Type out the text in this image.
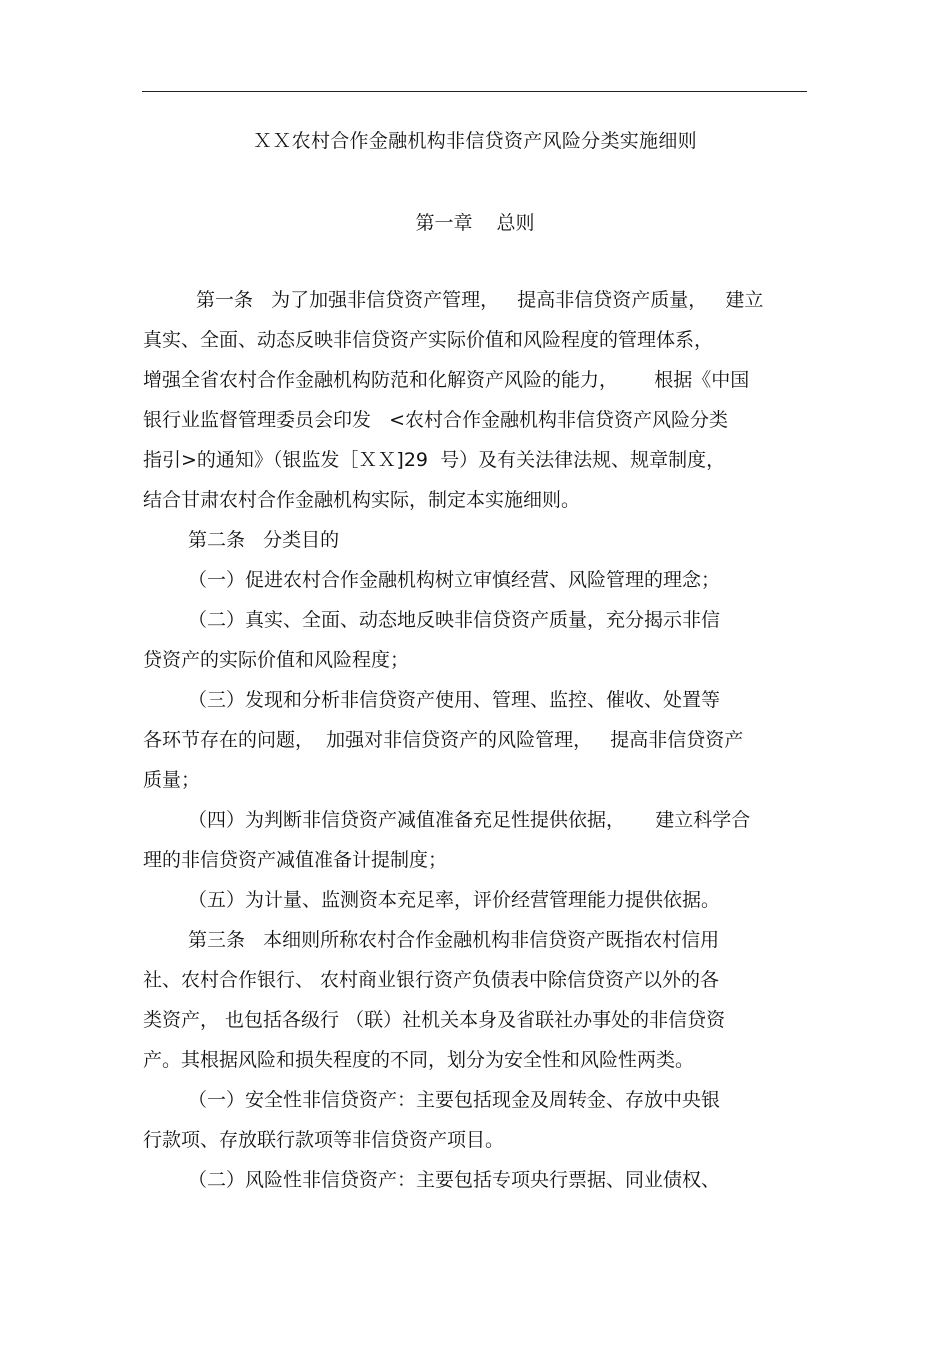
ＸＸ农村合作金融机构非信贷资产风险分类实施细则
第一章 总则
第一条   为了加强非信贷资产管理，   提高非信贷资产质量，   建立
真实、全面、动态反映非信贷资产实际价值和风险程度的管理体系，
增强全省农村合作金融机构防范和化解资产风险的能力，      根据《中国
银行业监督管理委员会印发   <农村合作金融机构非信贷资产风险分类
指引>的通知》（银监发［ＸＸ]29  号）及有关法律法规、规章制度，
结合甘肃农村合作金融机构实际，制定本实施细则。
第二条   分类目的
（一）促进农村合作金融机构树立审慎经营、风险管理的理念；
（二）真实、全面、动态地反映非信贷资产质量，充分揭示非信
贷资产的实际价值和风险程度；
（三）发现和分析非信贷资产使用、管理、监控、催收、处置等
各环节存在的问题，  加强对非信贷资产的风险管理，   提高非信贷资产
质量；
（四）为判断非信贷资产减值准备充足性提供依据，     建立科学合
理的非信贷资产减值准备计提制度；
（五）为计量、监测资本充足率，评价经营管理能力提供依据。
第三条   本细则所称农村合作金融机构非信贷资产既指农村信用
社、农村合作银行、 农村商业银行资产负债表中除信贷资产以外的各
类资产， 也包括各级行 （联）社机关本身及省联社办事处的非信贷资
产。其根据风险和损失程度的不同，划分为安全性和风险性两类。
（一）安全性非信贷资产：主要包括现金及周转金、存放中央银
行款项、存放联行款项等非信贷资产项目。
（二）风险性非信贷资产：主要包括专项央行票据、同业债权、
